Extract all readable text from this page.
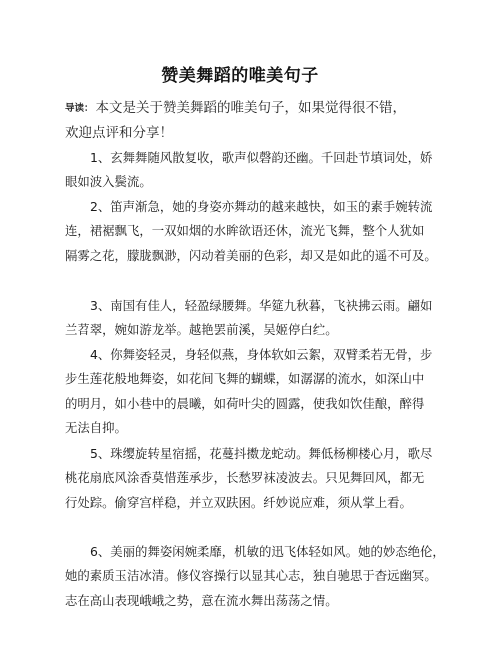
赞美舞蹈的唯美句子
导读： 本文是关于赞美舞蹈的唯美句子，如果觉得很不错，
欢迎点评和分享！
1、玄舞舞随风散复收，歌声似磬韵还幽。千回赴节填词处，娇
眼如波入鬓流。
2、笛声渐急，她的身姿亦舞动的越来越快，如玉的素手婉转流
连，裙裾飘飞，一双如烟的水眸欲语还休，流光飞舞，整个人犹如
隔雾之花，朦胧飘渺，闪动着美丽的色彩，却又是如此的遥不可及。
3、南国有佳人，轻盈绿腰舞。华筵九秋暮，飞袂拂云雨。翩如
兰苕翠，婉如游龙举。越艳罢前溪，吴姬停白纻。
4、你舞姿轻灵，身轻似燕，身体软如云絮，双臂柔若无骨，步
步生莲花般地舞姿，如花间飞舞的蝴蝶，如潺潺的流水，如深山中
的明月，如小巷中的晨曦，如荷叶尖的圆露，使我如饮佳酿，醉得
无法自抑。
5、珠缨旋转星宿摇，花蔓抖擞龙蛇动。舞低杨柳楼心月，歌尽
桃花扇底风涂香莫惜莲承步，长愁罗袜凌波去。只见舞回风，都无
行处踪。偷穿宫样稳，并立双趺困。纤妙说应难，须从掌上看。
6、美丽的舞姿闲婉柔靡，机敏的迅飞体轻如风。她的妙态绝伦，
她的素质玉洁冰清。修仪容操行以显其心志，独自驰思于杳远幽冥。
志在高山表现峨峨之势，意在流水舞出荡荡之情。
